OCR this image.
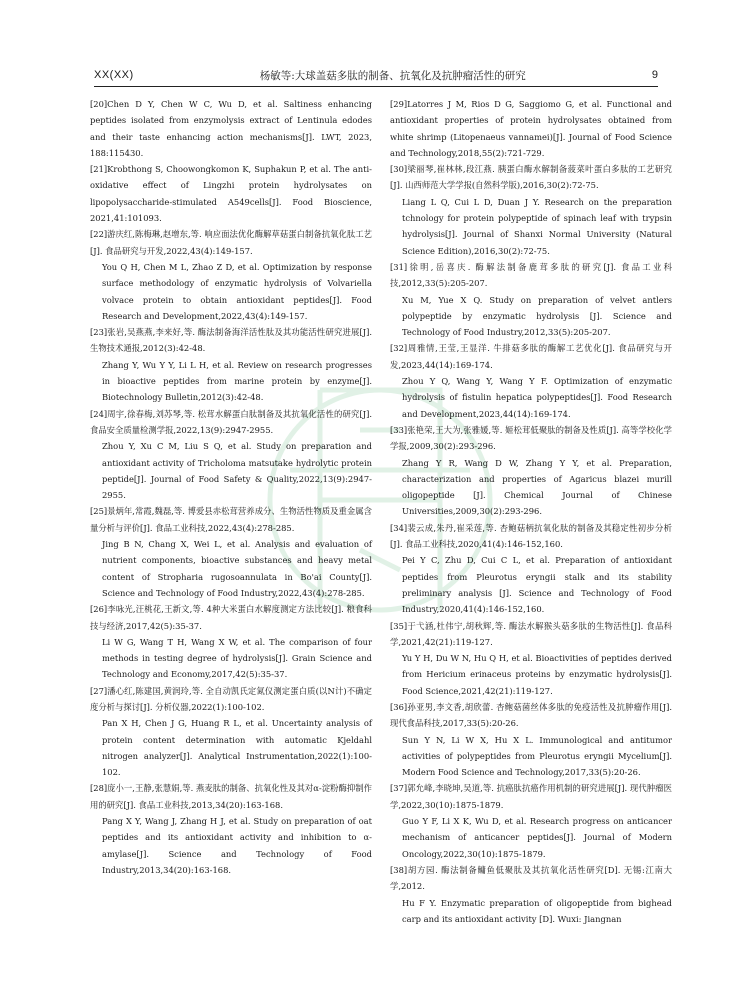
XX(XX)	杨敏等:大球盖菇多肽的制备、抗氧化及抗肿瘤活性的研究	9

[20]Chen D Y, Chen W C, Wu D, et al. Saltiness enhancing peptides isolated from enzymolysis extract of Lentinula edodes and their taste enhancing action mechanisms[J]. LWT, 2023, 188:115430.

[21]Krobthong S, Choowongkomon K, Suphakun P, et al. The anti-oxidative effect of Lingzhi protein hydrolysates on lipopolysaccharide-stimulated A549cells[J]. Food Bioscience, 2021,41:101093.

[22]游庆红,陈梅琳,赵增东,等. 响应面法优化酶解草菇蛋白制备抗氧化肽工艺[J]. 食品研究与开发,2022,43(4):149-157.

You Q H, Chen M L, Zhao Z D, et al. Optimization by response surface methodology of enzymatic hydrolysis of Volvariella volvace protein to obtain antioxidant peptides[J]. Food Research and Development,2022,43(4):149-157.

[23]张岩,吴燕燕,李来好,等. 酶法制备海洋活性肽及其功能活性研究进展[J]. 生物技术通报,2012(3):42-48.

Zhang Y, Wu Y Y, Li L H, et al. Review on research progresses in bioactive peptides from marine protein by enzyme[J]. Biotechnology Bulletin,2012(3):42-48.

[24]周宇,徐春梅,刘苏琴,等. 松茸水解蛋白肽制备及其抗氧化活性的研究[J]. 食品安全质量检测学报,2022,13(9):2947-2955.

Zhou Y, Xu C M, Liu S Q, et al. Study on preparation and antioxidant activity of Tricholoma matsutake hydrolytic protein peptide[J]. Journal of Food Safety & Quality,2022,13(9):2947-2955.

[25]景炳年,常霞,魏磊,等. 博爱县赤松茸营养成分、生物活性物质及重金属含量分析与评价[J]. 食品工业科技,2022,43(4):278-285.

Jing B N, Chang X, Wei L, et al. Analysis and evaluation of nutrient components, bioactive substances and heavy metal content of Stropharia rugosoannulata in Bo'ai County[J]. Science and Technology of Food Industry,2022,43(4):278-285.

[26]李咏光,汪桃花,王新文,等. 4种大米蛋白水解度测定方法比较[J]. 粮食科技与经济,2017,42(5):35-37.

Li W G, Wang T H, Wang X W, et al. The comparison of four methods in testing degree of hydrolysis[J]. Grain Science and Technology and Economy,2017,42(5):35-37.

[27]潘心红,陈建国,黄润玲,等. 全自动凯氏定氮仪测定蛋白质(以N计)不确定度分析与探讨[J]. 分析仪器,2022(1):100-102.

Pan X H, Chen J G, Huang R L, et al. Uncertainty analysis of protein content determination with automatic Kjeldahl nitrogen analyzer[J]. Analytical Instrumentation,2022(1):100-102.

[28]庞小一,王静,张慧娟,等. 燕麦肽的制备、抗氧化性及其对α-淀粉酶抑制作用的研究[J]. 食品工业科技,2013,34(20):163-168.

Pang X Y, Wang J, Zhang H J, et al. Study on preparation of oat peptides and its antioxidant activity and inhibition to α-amylase[J]. Science and Technology of Food Industry,2013,34(20):163-168.

[29]Latorres J M, Rios D G, Saggiomo G, et al. Functional and antioxidant properties of protein hydrolysates obtained from white shrimp (Litopenaeus vannamei)[J]. Journal of Food Science and Technology,2018,55(2):721-729.

[30]梁丽琴,崔林林,段江燕. 胰蛋白酶水解制备菠菜叶蛋白多肽的工艺研究[J]. 山西师范大学学报(自然科学版),2016,30(2):72-75.

Liang L Q, Cui L D, Duan J Y. Research on the preparation tchnology for protein polypeptide of spinach leaf with trypsin hydrolysis[J]. Journal of Shanxi Normal University (Natural Science Edition),2016,30(2):72-75.

[31]徐明,岳喜庆. 酶解法制备鹿茸多肽的研究[J]. 食品工业科技,2012,33(5):205-207.

Xu M, Yue X Q. Study on preparation of velvet antlers polypeptide by enzymatic hydrolysis [J]. Science and Technology of Food Industry,2012,33(5):205-207.

[32]周雅情,王莹,王显洋. 牛排菇多肽的酶解工艺优化[J]. 食品研究与开发,2023,44(14):169-174.

Zhou Y Q, Wang Y, Wang Y F. Optimization of enzymatic hydrolysis of fistulin hepatica polypeptides[J]. Food Research and Development,2023,44(14):169-174.

[33]张艳荣,王大为,张雅媛,等. 姬松茸低聚肽的制备及性质[J]. 高等学校化学学报,2009,30(2):293-296.

Zhang Y R, Wang D W, Zhang Y Y, et al. Preparation, characterization and properties of Agaricus blazei murill oligopeptide [J]. Chemical Journal of Chinese Universities,2009,30(2):293-296.

[34]裴云成,朱丹,崔采莲,等. 杏鲍菇柄抗氧化肽的制备及其稳定性初步分析[J]. 食品工业科技,2020,41(4):146-152,160.

Pei Y C, Zhu D, Cui C L, et al. Preparation of antioxidant peptides from Pleurotus eryngii stalk and its stability preliminary analysis [J]. Science and Technology of Food Industry,2020,41(4):146-152,160.

[35]于弋涵,杜伟宁,胡秋辉,等. 酶法水解猴头菇多肽的生物活性[J]. 食品科学,2021,42(21):119-127.

Yu Y H, Du W N, Hu Q H, et al. Bioactivities of peptides derived from Hericium erinaceus proteins by enzymatic hydrolysis[J]. Food Science,2021,42(21):119-127.

[36]孙亚男,李文香,胡欣蕾. 杏鲍菇菌丝体多肽的免疫活性及抗肿瘤作用[J]. 现代食品科技,2017,33(5):20-26.

Sun Y N, Li W X, Hu X L. Immunological and antitumor activities of polypeptides from Pleurotus eryngii Mycelium[J]. Modern Food Science and Technology,2017,33(5):20-26.

[37]郭允峰,李晓坤,吴道,等. 抗癌肽抗癌作用机制的研究进展[J]. 现代肿瘤医学,2022,30(10):1875-1879.

Guo Y F, Li X K, Wu D, et al. Research progress on anticancer mechanism of anticancer peptides[J]. Journal of Modern Oncology,2022,30(10):1875-1879.

[38]胡方园. 酶法制备鳙鱼低聚肽及其抗氧化活性研究[D]. 无锡:江南大学,2012.

Hu F Y. Enzymatic preparation of oligopeptide from bighead carp and its antioxidant activity [D]. Wuxi: Jiangnan
